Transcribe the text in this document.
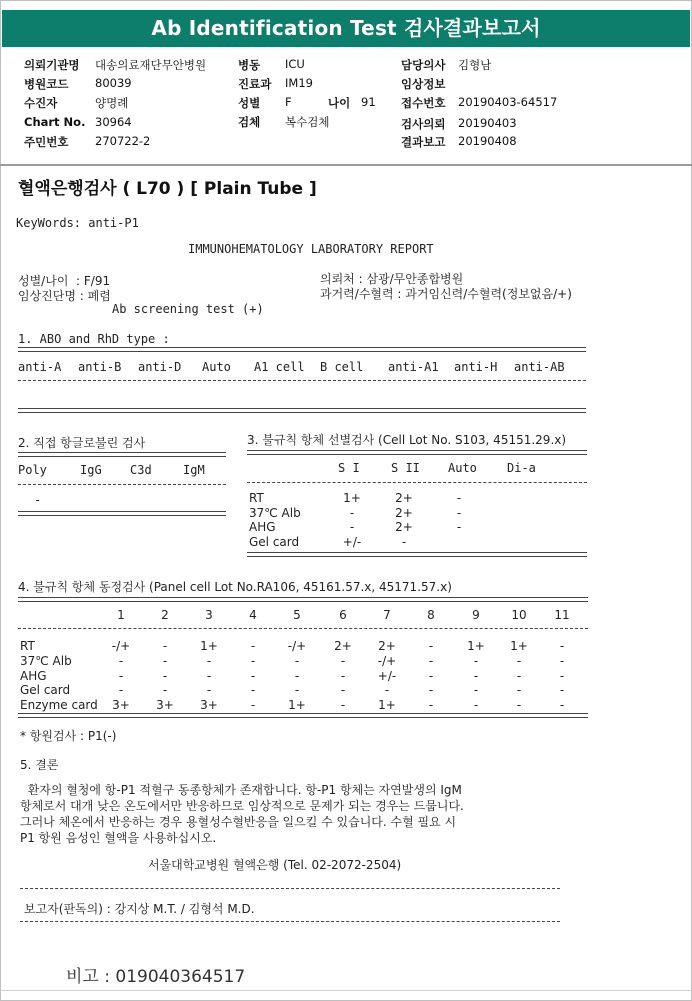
Ab Identification Test 검사결과보고서
의뢰기관명 대송의료재단무안병원
병원코드 80039
수진자	양명례
Chart No. 30964
주민번호 270722-2
병동 ICU
진료과 IM19
성별 F	나이 91
검체 복수검체
담당의사 김형남
임상정보
접수번호 20190403-64517
검사의뢰 20190403
결과보고 20190408
혈액은행검사 ( L70 ) [ Plain Tube ]
KeyWords: anti-P1
IMMUNOHEMATOLOGY LABORATORY REPORT
성별/나이  : F/91
임상진단명 : 폐렴
Ab screening test (+)
의뢰처 : 삼광/무안종합병원
과거력/수혈력 : 과거임신력/수혈력(정보없음/+)
1. ABO and RhD type :
anti-A anti-B anti-D Auto A1 cell B cell anti-A1 anti-H anti-AB
2. 직접 항글로불린 검사
Poly	IgG C3d	IgM
-
3. 불규칙 항체 선별검사 (Cell Lot No. S103, 45151.29.x)
S I	S II Auto	Di-a
RT	1+	2+	-
37℃ Alb	-	2+	-
AHG	-	2+	-
Gel card	+/-	-
4. 불규칙 항체 동정검사 (Panel cell Lot No.RA106, 45161.57.x, 45171.57.x)
1	2	3	4	5	6	7	8	9	10	11
RT	-/+	-	1+	-	-/+	2+	2+	-	1+	1+	-
37℃ Alb	-	-	-	-	-	-	-/+	-	-	-	-
AHG	-	-	-	-	-	-	+/-	-	-	-	-
Gel card	-	-	-	-	-	-	-	-	-	-	-
Enzyme card	3+	3+	3+	-	1+	-	1+	-	-	-	-
* 항원검사 : P1(-)
5. 결론
환자의 혈청에 항-P1 적혈구 동종항체가 존재합니다. 항-P1 항체는 자연발생의 IgM
항체로서 대개 낮은 온도에서만 반응하므로 임상적으로 문제가 되는 경우는 드뭅니다.
그러나 체온에서 반응하는 경우 용혈성수혈반응을 일으킬 수 있습니다. 수혈 필요 시
P1 항원 음성인 혈액을 사용하십시오.
서울대학교병원 혈액은행 (Tel. 02-2072-2504)
보고자(판독의) : 강지상 M.T. / 김형석 M.D.
비고 : 019040364517
